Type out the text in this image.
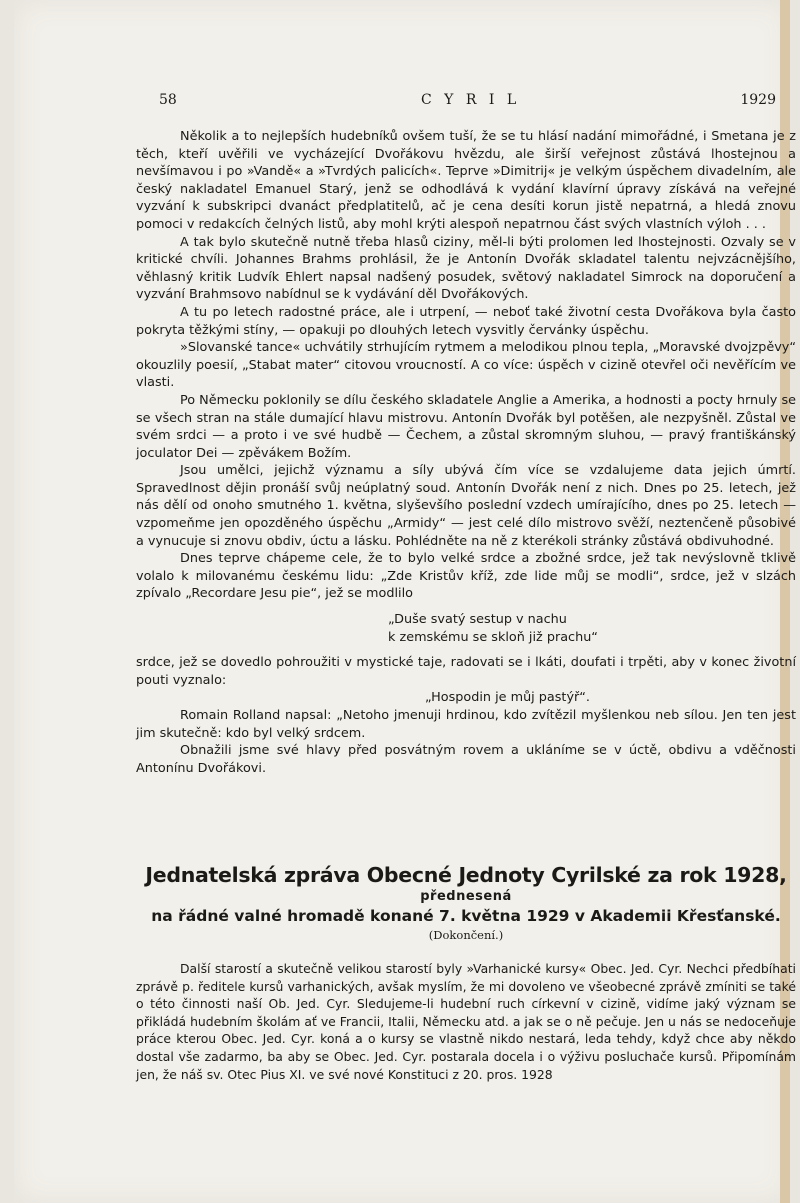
58	C Y R I L	1929

Několik a to nejlepších hudebníků ovšem tuší, že se tu hlásí nadání mimořádné, i Smetana je z těch, kteří uvěřili ve vycházející Dvořákovu hvězdu, ale širší veřejnost zůstává lhostejnou a nevšímavou i po »Vandě« a »Tvrdých palicích«. Teprve »Dimitrij« je velkým úspěchem divadelním, ale český nakladatel Emanuel Starý, jenž se odhodlává k vydání klavírní úpravy získává na veřejné vyzvání k subskripci dvanáct předplatitelů, ač je cena desíti korun jistě nepatrná, a hledá znovu pomoci v redakcích čelných listů, aby mohl krýti alespoň nepatrnou část svých vlastních výloh . . .

A tak bylo skutečně nutně třeba hlasů ciziny, měl-li býti prolomen led lhostejnosti. Ozvaly se v kritické chvíli. Johannes Brahms prohlásil, že je Antonín Dvořák skladatel talentu nejvzácnějšího, věhlasný kritik Ludvík Ehlert napsal nadšený posudek, světový nakladatel Simrock na doporučení a vyzvání Brahmsovo nabídnul se k vydávání děl Dvořákových.

A tu po letech radostné práce, ale i utrpení, — neboť také životní cesta Dvořákova byla často pokryta těžkými stíny, — opakuji po dlouhých letech vysvitly červánky úspěchu.

»Slovanské tance« uchvátily strhujícím rytmem a melodikou plnou tepla, „Moravské dvojzpěvy“ okouzlily poesií, „Stabat mater“ citovou vroucností. A co více: úspěch v cizině otevřel oči nevěřícím ve vlasti.

Po Německu poklonily se dílu českého skladatele Anglie a Amerika, a hodnosti a pocty hrnuly se se všech stran na stále dumající hlavu mistrovu. Antonín Dvořák byl potěšen, ale nezpyšněl. Zůstal ve svém srdci — a proto i ve své hudbě — Čechem, a zůstal skromným sluhou, — pravý františkánský joculator Dei — zpěvákem Božím.

Jsou umělci, jejichž významu a síly ubývá čím více se vzdalujeme data jejich úmrtí. Spravedlnost dějin pronáší svůj neúplatný soud. Antonín Dvořák není z nich. Dnes po 25. letech, jež nás dělí od onoho smutného 1. května, slyševšího poslední vzdech umírajícího, dnes po 25. letech — vzpomeňme jen opozděného úspěchu „Armidy“ — jest celé dílo mistrovo svěží, neztenčeně působivé a vynucuje si znovu obdiv, úctu a lásku. Pohlédněte na ně z kterékoli stránky zůstává obdivuhodné.

Dnes teprve chápeme cele, že to bylo velké srdce a zbožné srdce, jež tak nevýslovně tklivě volalo k milovanému českému lidu: „Zde Kristův kříž, zde lide můj se modli“, srdce, jež v slzách zpívalo „Recordare Jesu pie“, jež se modlilo

„Duše svatý sestup v nachu
k zemskému se skloň již prachu“

srdce, jež se dovedlo pohroužiti v mystické taje, radovati se i lkáti, doufati i trpěti, aby v konec životní pouti vyznalo:

„Hospodin je můj pastýř“.

Romain Rolland napsal: „Netoho jmenuji hrdinou, kdo zvítězil myšlenkou neb sílou. Jen ten jest jim skutečně: kdo byl velký srdcem.

Obnažili jsme své hlavy před posvátným rovem a ukláníme se v úctě, obdivu a vděčnosti Antonínu Dvořákovi.

Jednatelská zpráva Obecné Jednoty Cyrilské za rok 1928,
přednesená
na řádné valné hromadě konané 7. května 1929 v Akademii Křesťanské.
(Dokončení.)

Další starostí a skutečně velikou starostí byly »Varhanické kursy« Obec. Jed. Cyr. Nechci předbíhati zprávě p. ředitele kursů varhanických, avšak myslím, že mi dovoleno ve všeobecné zprávě zmíniti se také o této činnosti naší Ob. Jed. Cyr. Sledujeme-li hudební ruch církevní v cizině, vidíme jaký význam se přikládá hudebním školám ať ve Francii, Italii, Německu atd. a jak se o ně pečuje. Jen u nás se nedoceňuje práce kterou Obec. Jed. Cyr. koná a o kursy se vlastně nikdo nestará, leda tehdy, když chce aby někdo dostal vše zadarmo, ba aby se Obec. Jed. Cyr. postarala docela i o výživu posluchače kursů. Připomínám jen, že náš sv. Otec Pius XI. ve své nové Konstituci z 20. pros. 1928
